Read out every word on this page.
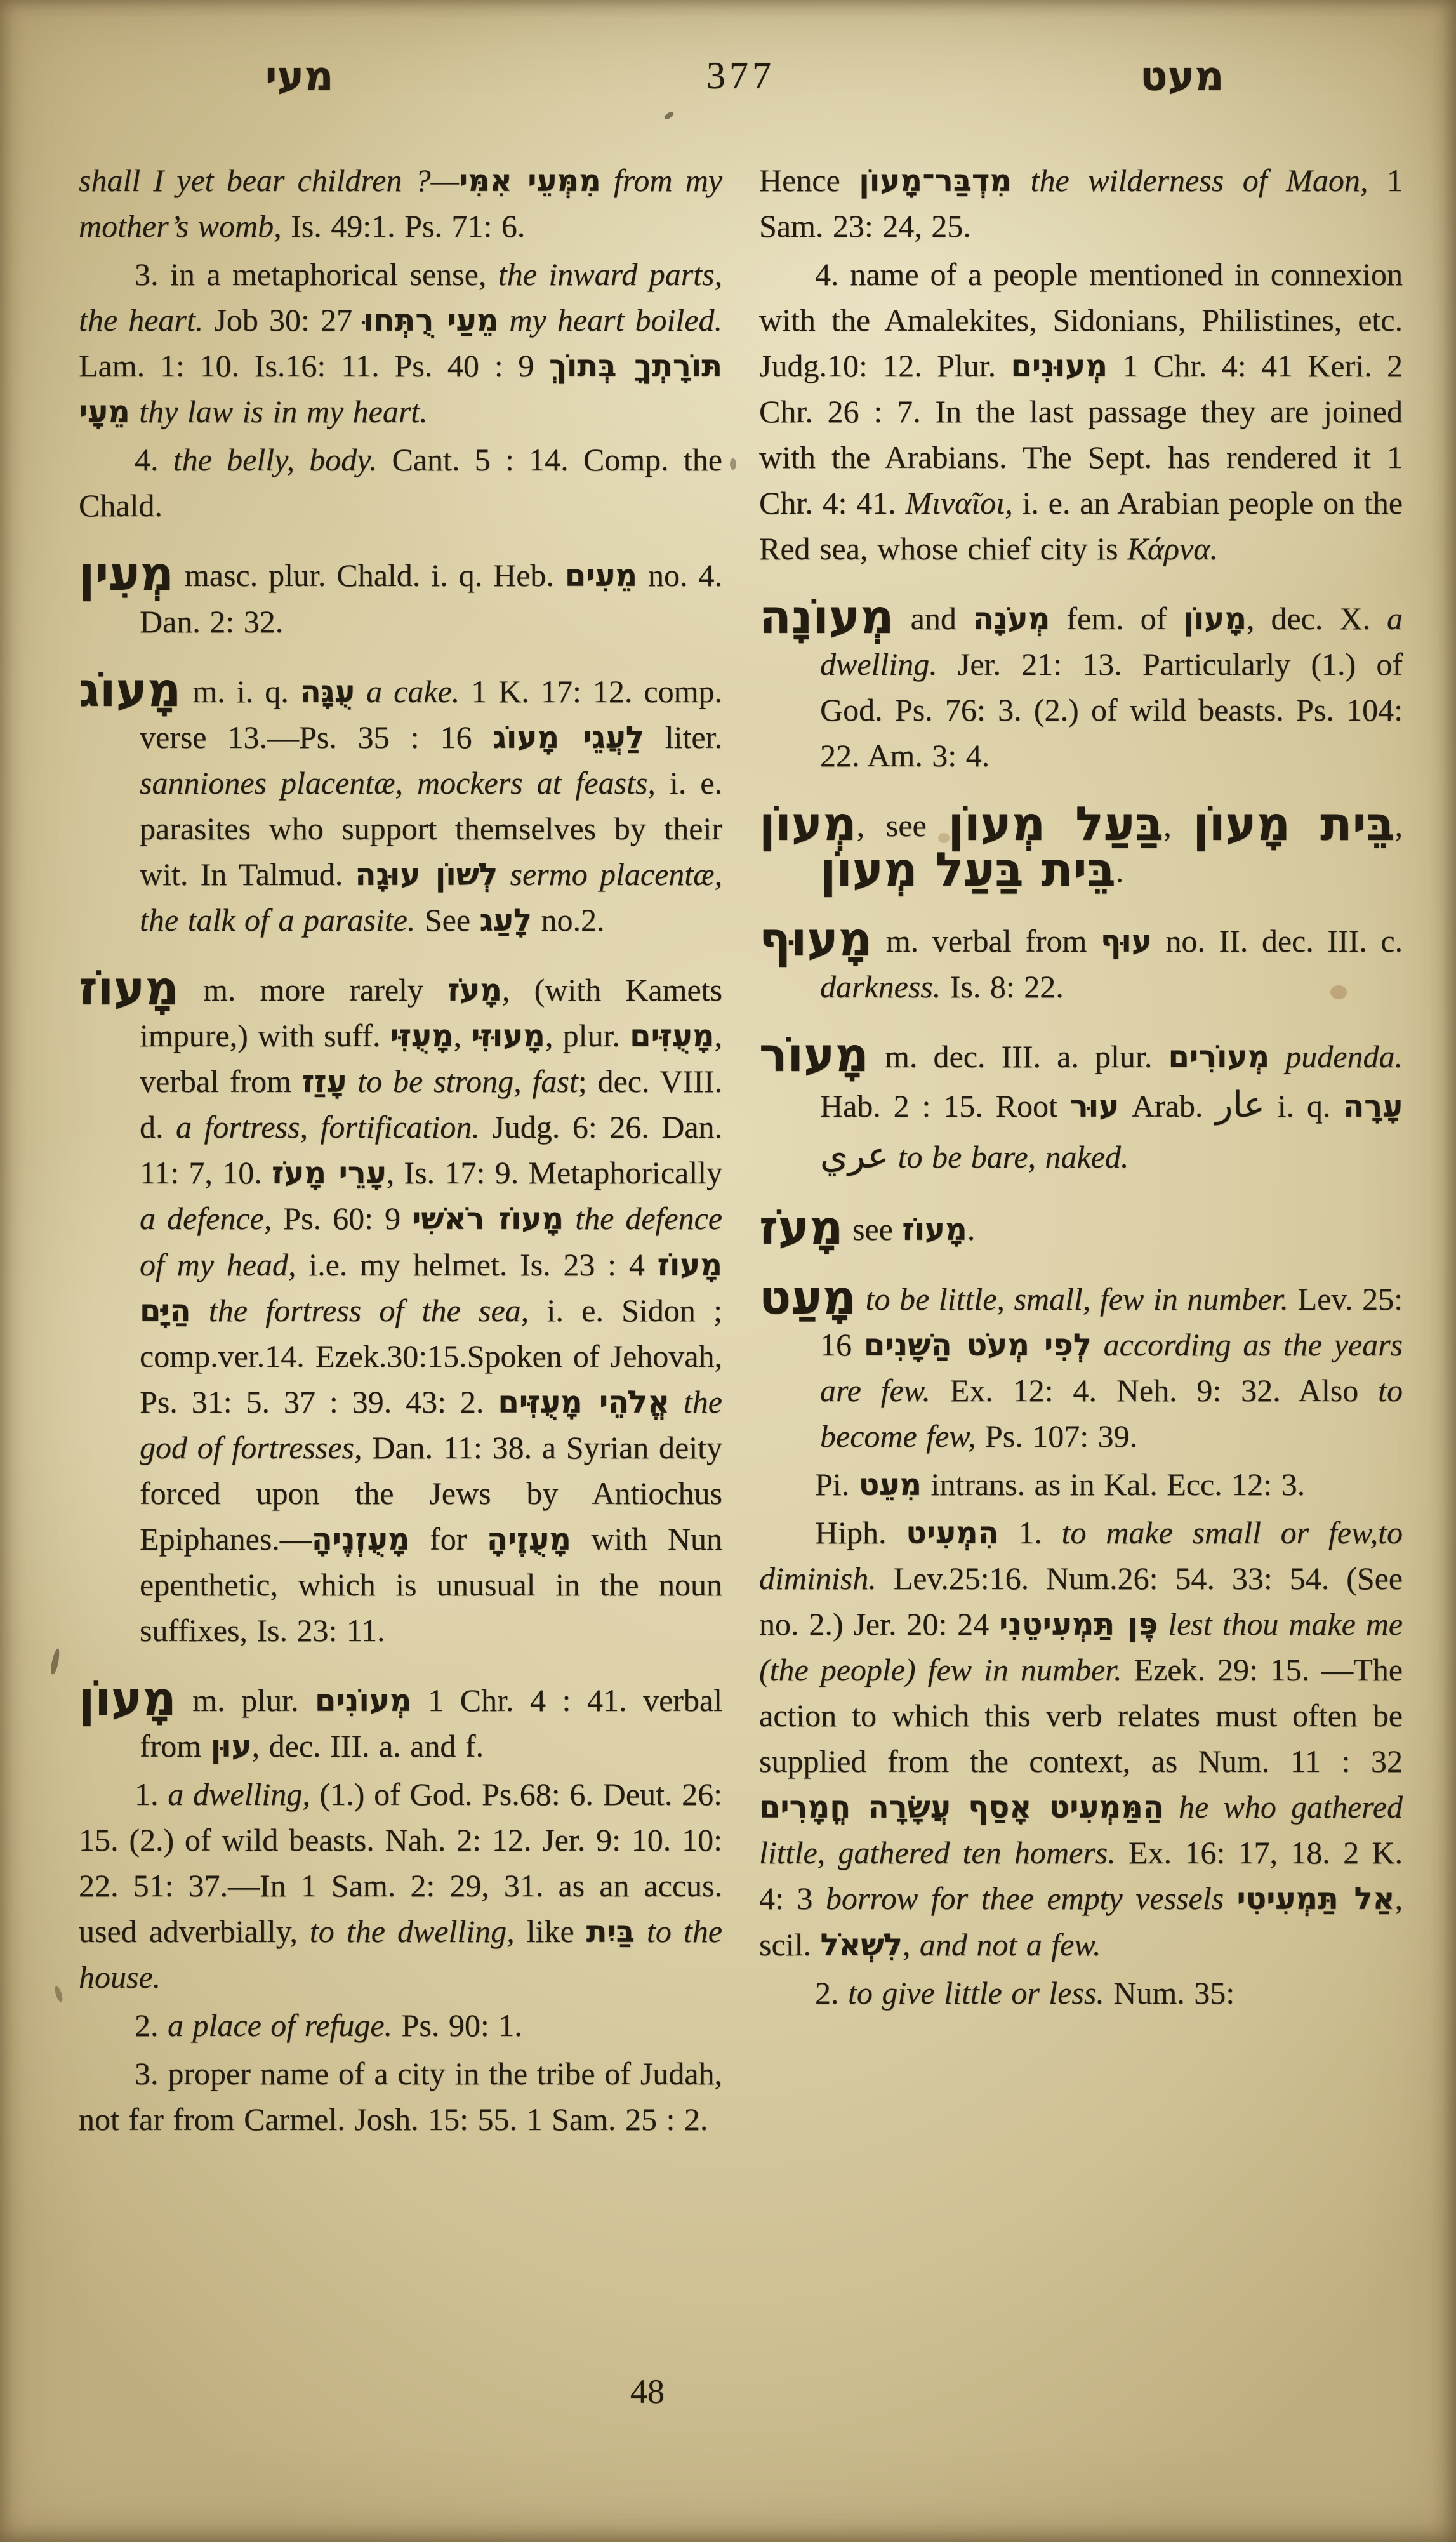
מעי	377	מעט

shall I yet bear children ?—מִמְּעֵי אִמִּי from my mother’s womb, Is. 49:1. Ps. 71: 6.

3. in a metaphorical sense, the inward parts, the heart. Job 30: 27 מֵעַי רֻתְּחוּ my heart boiled. Lam. 1: 10. Is.16: 11. Ps. 40 : 9 תּוֹרָתְךָ בְּתוֹךְ מֵעָי thy law is in my heart.

4. the belly, body. Cant. 5 : 14. Comp. the Chald.

מְעִין masc. plur. Chald. i. q. Heb. מֵעִים no. 4. Dan. 2: 32.

מָעוֹג m. i. q. עֻגָּה a cake. 1 K. 17: 12. comp. verse 13.—Ps. 35 : 16 לַעֲגֵי מָעוֹג liter. sanniones placentæ, mockers at feasts, i. e. parasites who support themselves by their wit. In Talmud. לְשׁוֹן עוּגָה sermo placentæ, the talk of a parasite. See לָעַג no.2.

מָעוֹז m. more rarely מָעֹז, (with Kamets impure,) with suff. מָעֻזִּי, מָעוּזִּי, plur. מָעֻזִּים, verbal from עָזַז to be strong, fast; dec. VIII. d. a fortress, fortification. Judg. 6: 26. Dan. 11: 7, 10. עָרֵי מָעֹז, Is. 17: 9. Metaphorically a defence, Ps. 60: 9 מָעוֹז רֹאשִׁי the defence of my head, i.e. my helmet. Is. 23 : 4 מָעוֹז הַיָּם the fortress of the sea, i. e. Sidon ; comp.ver.14. Ezek.30:15.Spoken of Jehovah, Ps. 31: 5. 37 : 39. 43: 2. אֱלֹהֵי מָעֻזִּים the god of fortresses, Dan. 11: 38. a Syrian deity forced upon the Jews by Antiochus Epiphanes.—מָעֻזְנֶיהָ for מָעֻזֶיהָ with Nun epenthetic, which is unusual in the noun suffixes, Is. 23: 11.

מָעוֹן m. plur. מְעוֹנִים 1 Chr. 4 : 41. verbal from עוּן, dec. III. a. and f.

1. a dwelling, (1.) of God. Ps.68: 6. Deut. 26: 15. (2.) of wild beasts. Nah. 2: 12. Jer. 9: 10. 10: 22. 51: 37.—In 1 Sam. 2: 29, 31. as an accus. used adverbially, to the dwelling, like בַּיִת to the house.

2. a place of refuge. Ps. 90: 1.

3. proper name of a city in the tribe of Judah, not far from Carmel. Josh. 15: 55. 1 Sam. 25 : 2.

Hence מִדְבַּר־מָעוֹן the wilderness of Maon, 1 Sam. 23: 24, 25.

4. name of a people mentioned in connexion with the Amalekites, Sidonians, Philistines, etc. Judg.10: 12. Plur. מְעוּנִים 1 Chr. 4: 41 Keri. 2 Chr. 26 : 7. In the last passage they are joined with the Arabians. The Sept. has rendered it 1 Chr. 4: 41. Μιναῖοι, i. e. an Arabian people on the Red sea, whose chief city is Κάρνα.

מְעוֹנָה and מְעֹנָה fem. of מָעוֹן, dec. X. a dwelling. Jer. 21: 13. Particularly (1.) of God. Ps. 76: 3. (2.) of wild beasts. Ps. 104: 22. Am. 3: 4.

מְעוֹן, see בַּעַל מְעוֹן, בֵּית מָעוֹן, בֵּית בַּעַל מְעוֹן.

מָעוּף m. verbal from עוּף no. II. dec. III. c. darkness. Is. 8: 22.

מָעוֹר m. dec. III. a. plur. מְעוֹרִים pudenda. Hab. 2 : 15. Root עוּר Arab. عار i. q. עָרָה عري to be bare, naked.

מָעֹז see מָעוֹז.

מָעַט to be little, small, few in number. Lev. 25: 16 לְפִי מְעֹט הַשָּׁנִים according as the years are few. Ex. 12: 4. Neh. 9: 32. Also to become few, Ps. 107: 39.

Pi. מִעֵט intrans. as in Kal. Ecc. 12: 3.

Hiph. הִמְעִיט 1. to make small or few,to diminish. Lev.25:16. Num.26: 54. 33: 54. (See no. 2.) Jer. 20: 24 פֶּן תַּמְעִיטֵנִי lest thou make me (the people) few in number. Ezek. 29: 15. —The action to which this verb relates must often be supplied from the context, as Num. 11 : 32 הַמַּמְעִיט אָסַף עֲשָׂרָה חֳמָרִים he who gathered little, gathered ten homers. Ex. 16: 17, 18. 2 K. 4: 3 borrow for thee empty vessels אַל תַּמְעִיטִי, scil. לִשְׁאֹל, and not a few.

2. to give little or less. Num. 35:

48
